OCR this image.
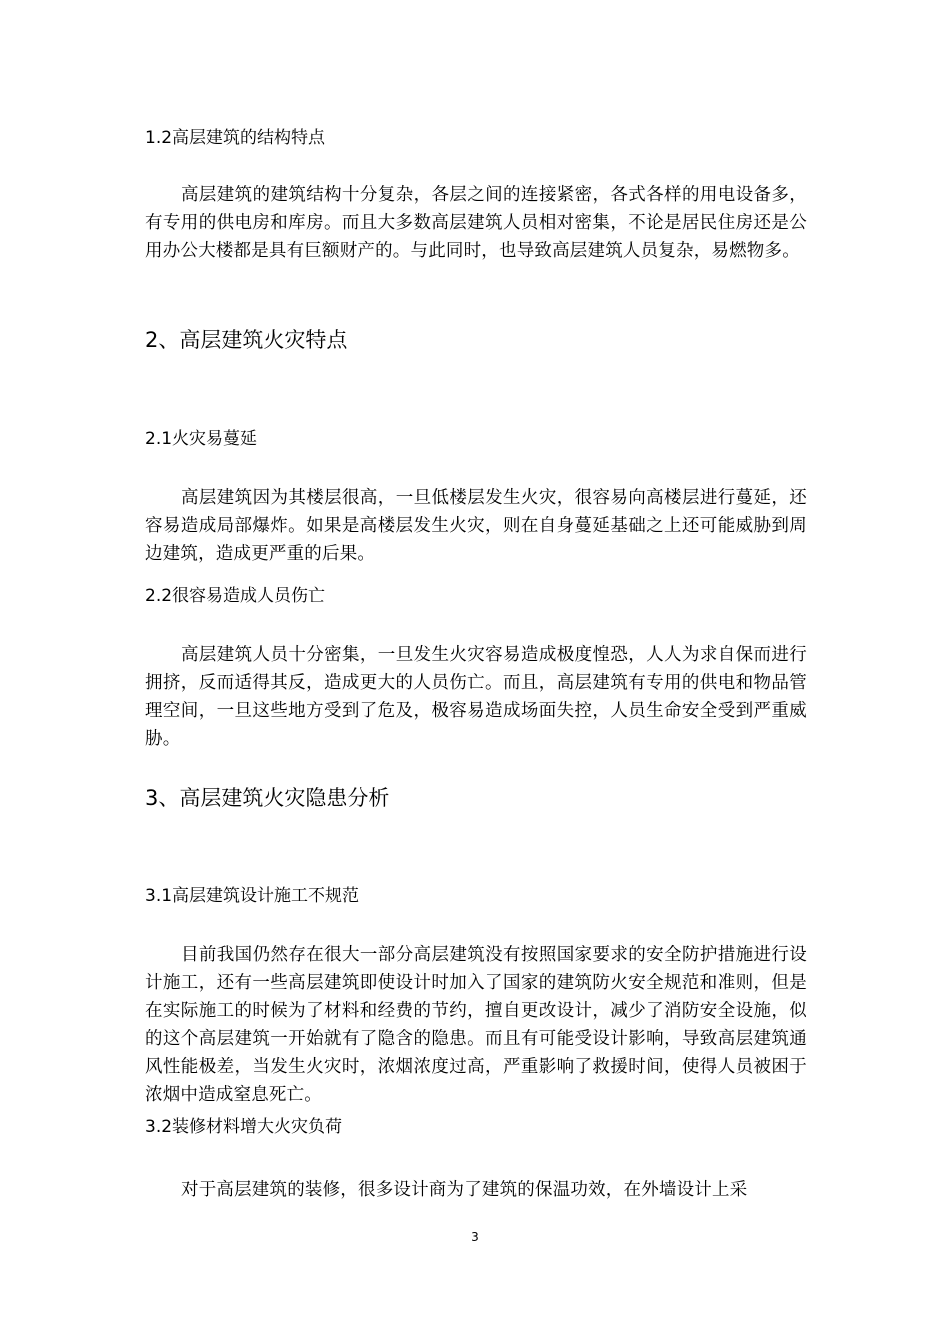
1.2高层建筑的结构特点

高层建筑的建筑结构十分复杂，各层之间的连接紧密，各式各样的用电设备多，有专用的供电房和库房。而且大多数高层建筑人员相对密集，不论是居民住房还是公用办公大楼都是具有巨额财产的。与此同时，也导致高层建筑人员复杂，易燃物多。

2、高层建筑火灾特点
2.1火灾易蔓延

高层建筑因为其楼层很高，一旦低楼层发生火灾，很容易向高楼层进行蔓延，还容易造成局部爆炸。如果是高楼层发生火灾，则在自身蔓延基础之上还可能威胁到周边建筑，造成更严重的后果。

2.2很容易造成人员伤亡

高层建筑人员十分密集，一旦发生火灾容易造成极度惶恐，人人为求自保而进行拥挤，反而适得其反，造成更大的人员伤亡。而且，高层建筑有专用的供电和物品管理空间，一旦这些地方受到了危及，极容易造成场面失控，人员生命安全受到严重威胁。

3、高层建筑火灾隐患分析
3.1高层建筑设计施工不规范

目前我国仍然存在很大一部分高层建筑没有按照国家要求的安全防护措施进行设计施工，还有一些高层建筑即使设计时加入了国家的建筑防火安全规范和准则，但是在实际施工的时候为了材料和经费的节约，擅自更改设计，减少了消防安全设施，似的这个高层建筑一开始就有了隐含的隐患。而且有可能受设计影响，导致高层建筑通风性能极差，当发生火灾时，浓烟浓度过高，严重影响了救援时间，使得人员被困于浓烟中造成窒息死亡。

3.2装修材料增大火灾负荷

对于高层建筑的装修，很多设计商为了建筑的保温功效，在外墙设计上采

3
